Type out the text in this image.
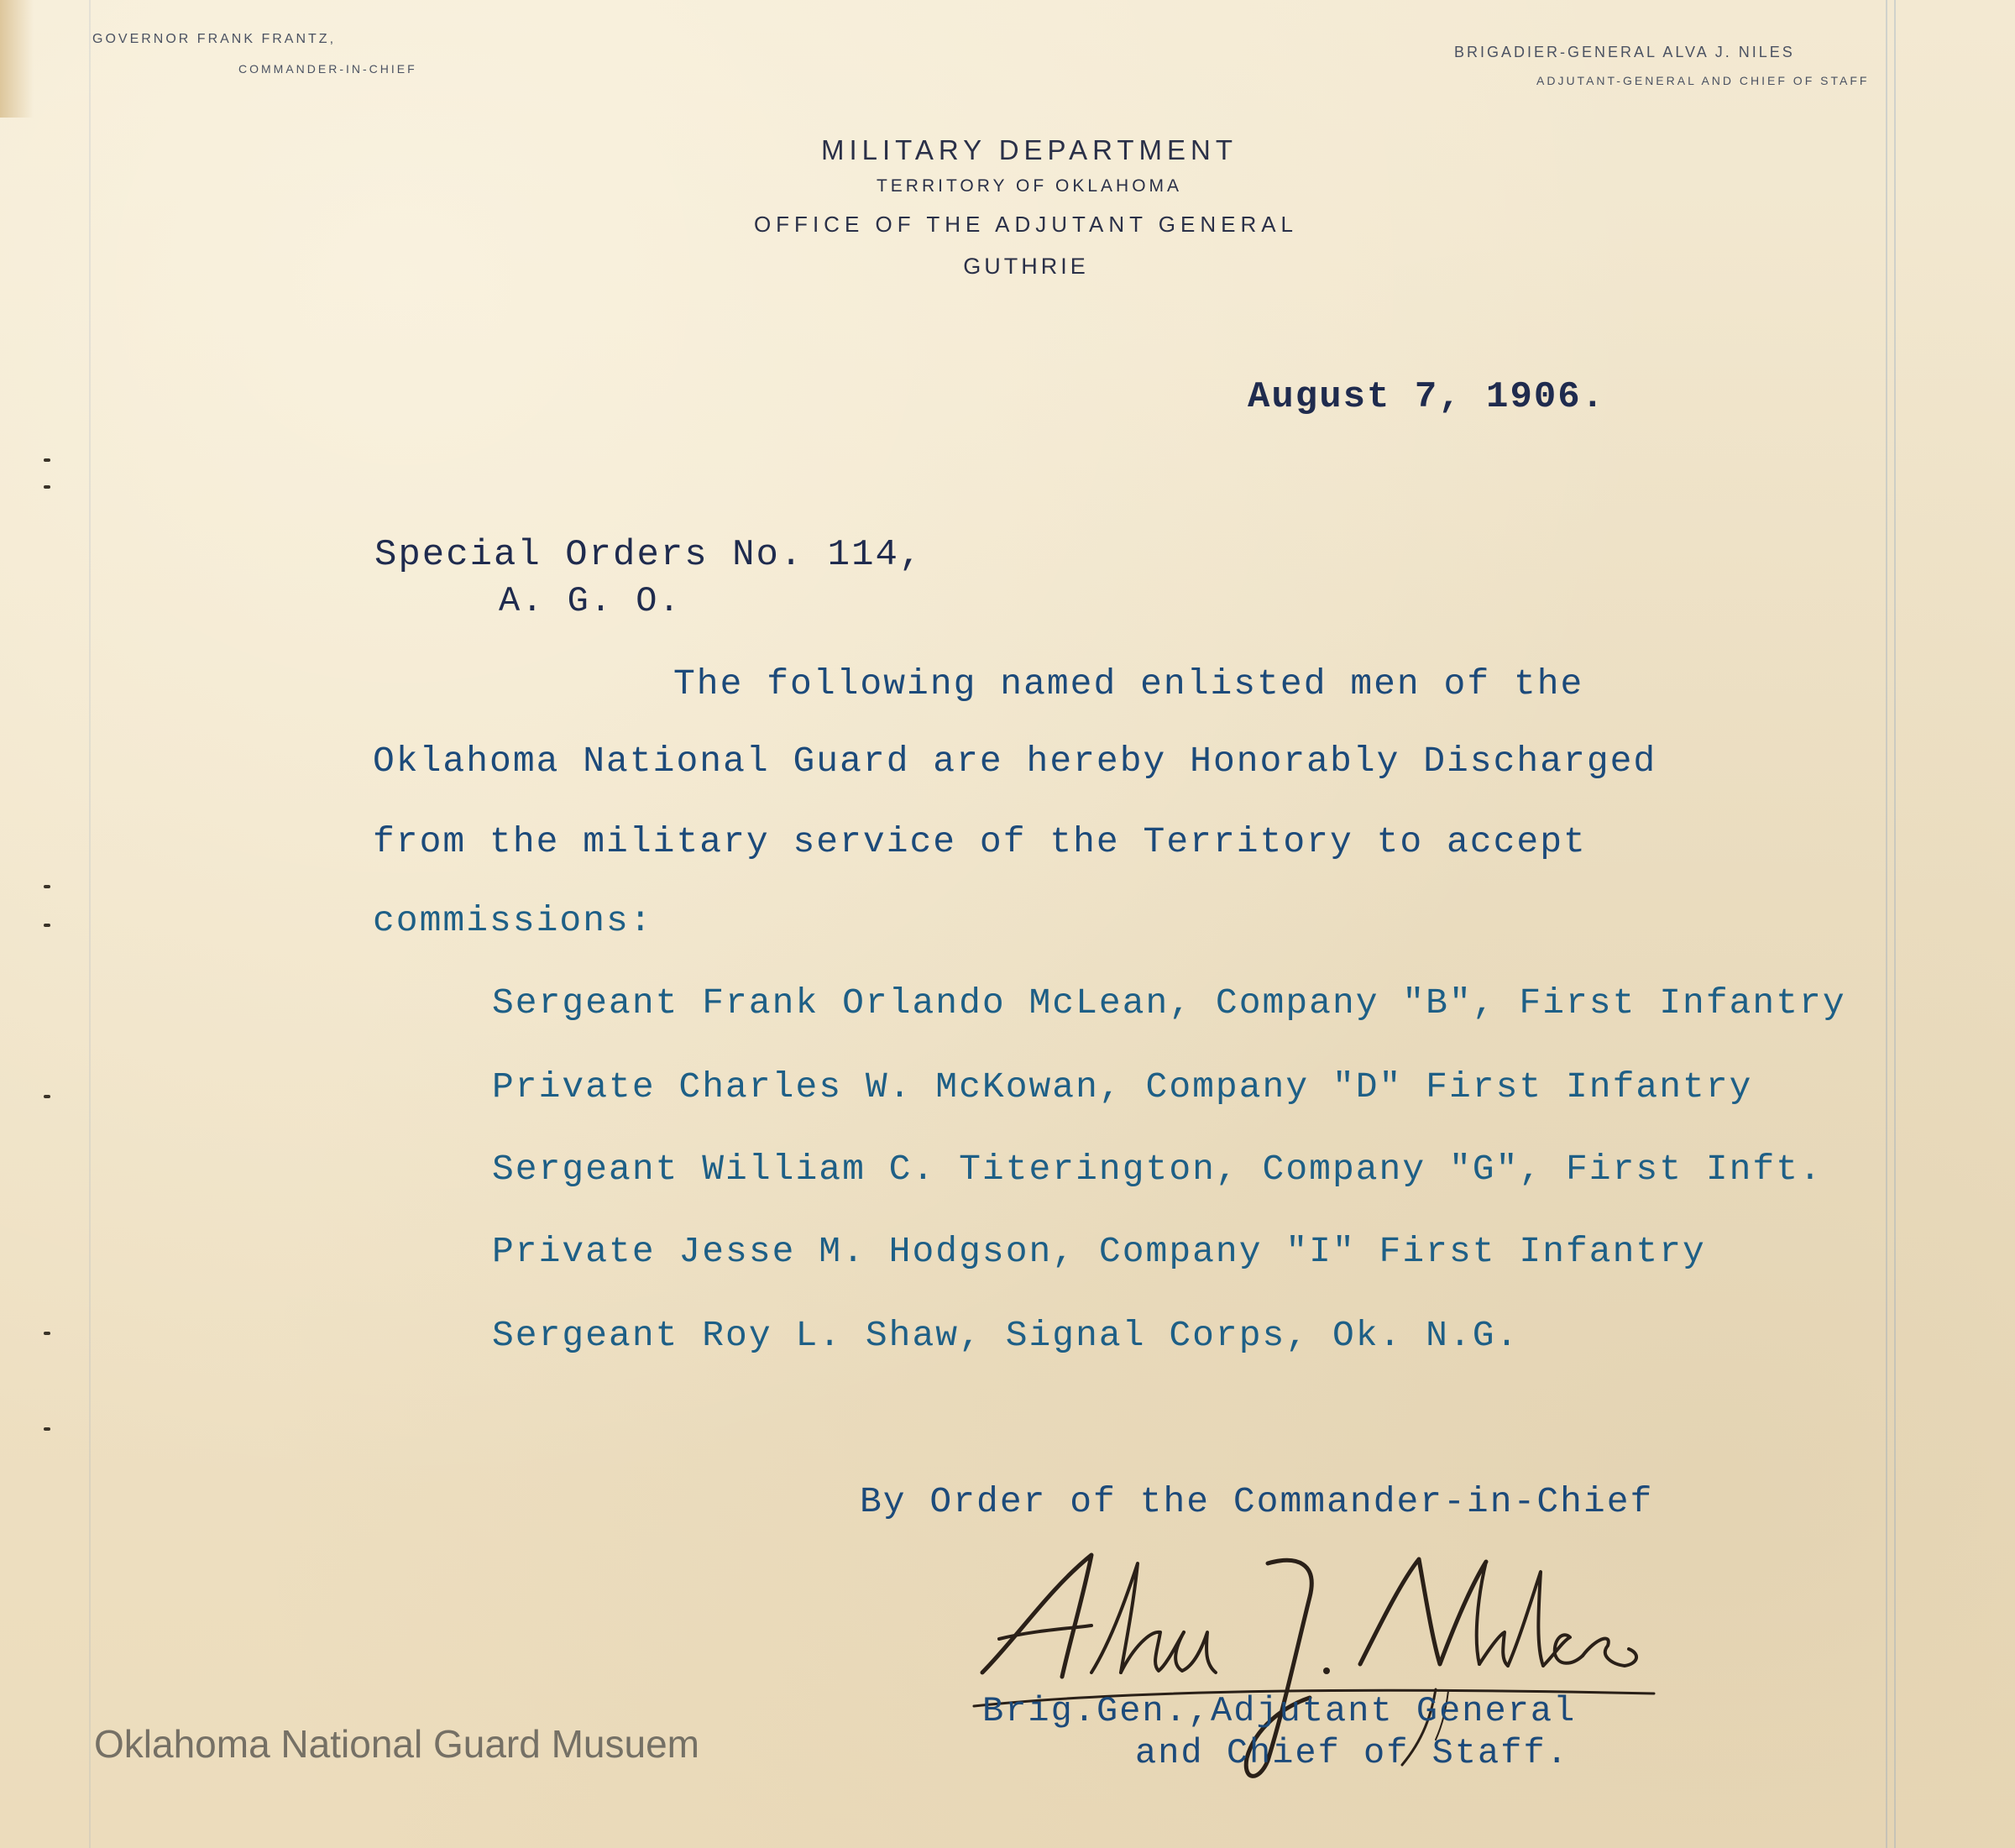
GOVERNOR FRANK FRANTZ,
COMMANDER-IN-CHIEF
BRIGADIER-GENERAL ALVA J. NILES
ADJUTANT-GENERAL AND CHIEF OF STAFF
MILITARY DEPARTMENT
TERRITORY OF OKLAHOMA
OFFICE OF THE ADJUTANT GENERAL
GUTHRIE
August 7, 1906.
Special Orders No. 114,
A. G. O.
The following named enlisted men of the
Oklahoma National Guard are hereby Honorably Discharged
from the military service of the Territory to accept
commissions:
Sergeant Frank Orlando McLean, Company "B", First Infantry
Private Charles W. McKowan, Company "D" First Infantry
Sergeant William C. Titerington, Company "G", First Inft.
Private Jesse M. Hodgson, Company "I" First Infantry
Sergeant Roy L. Shaw, Signal Corps, Ok. N.G.
By Order of the Commander-in-Chief
Brig.Gen.,Adjutant General
and Chief of Staff.
Oklahoma National Guard Musuem
